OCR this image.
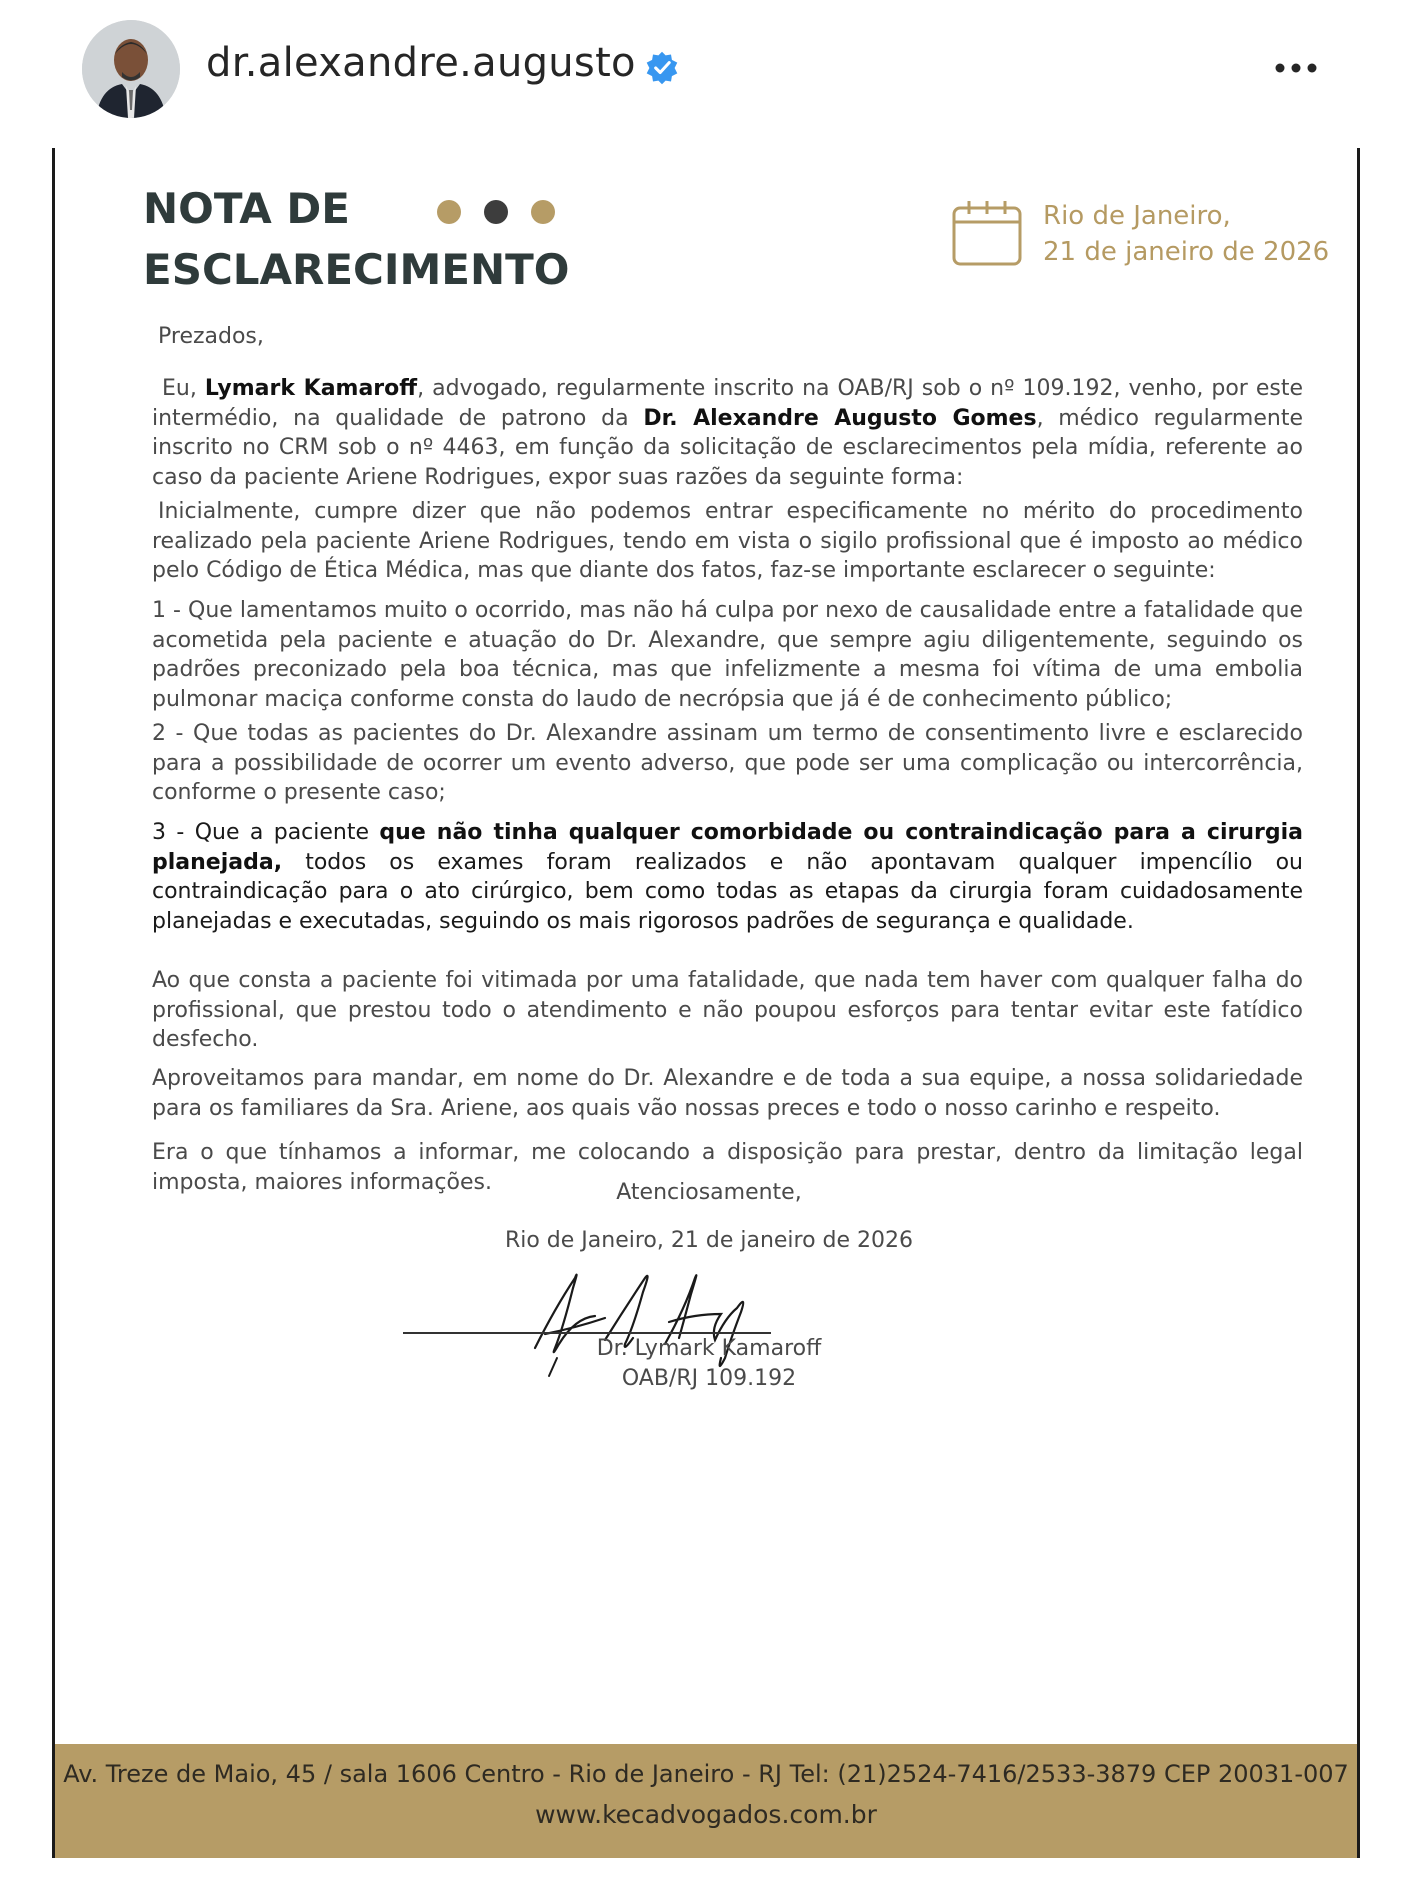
dr.alexandre.augusto
NOTA DE
ESCLARECIMENTO
Rio de Janeiro,
21 de janeiro de 2026

Prezados,

Eu, Lymark Kamaroff, advogado, regularmente inscrito na OAB/RJ sob o nº 109.192, venho, por este intermédio, na qualidade de patrono da Dr. Alexandre Augusto Gomes, médico regularmente inscrito no CRM sob o nº 4463, em função da solicitação de esclarecimentos pela mídia, referente ao caso da paciente Ariene Rodrigues, expor suas razões da seguinte forma:

Inicialmente, cumpre dizer que não podemos entrar especificamente no mérito do procedimento realizado pela paciente Ariene Rodrigues, tendo em vista o sigilo profissional que é imposto ao médico pelo Código de Ética Médica, mas que diante dos fatos, faz-se importante esclarecer o seguinte:

1 - Que lamentamos muito o ocorrido, mas não há culpa por nexo de causalidade entre a fatalidade que acometida pela paciente e atuação do Dr. Alexandre, que sempre agiu diligentemente, seguindo os padrões preconizado pela boa técnica, mas que infelizmente a mesma foi vítima de uma embolia pulmonar maciça conforme consta do laudo de necrópsia que já é de conhecimento público;

2 - Que todas as pacientes do Dr. Alexandre assinam um termo de consentimento livre e esclarecido para a possibilidade de ocorrer um evento adverso, que pode ser uma complicação ou intercorrência, conforme o presente caso;

3 - Que a paciente que não tinha qualquer comorbidade ou contraindicação para a cirurgia planejada, todos os exames foram realizados e não apontavam qualquer impencílio ou contraindicação para o ato cirúrgico, bem como todas as etapas da cirurgia foram cuidadosamente planejadas e executadas, seguindo os mais rigorosos padrões de segurança e qualidade.

Ao que consta a paciente foi vitimada por uma fatalidade, que nada tem haver com qualquer falha do profissional, que prestou todo o atendimento e não poupou esforços para tentar evitar este fatídico desfecho.

Aproveitamos para mandar, em nome do Dr. Alexandre e de toda a sua equipe, a nossa solidariedade para os familiares da Sra. Ariene, aos quais vão nossas preces e todo o nosso carinho e respeito.

Era o que tínhamos a informar, me colocando a disposição para prestar, dentro da limitação legal imposta, maiores informações.	Atenciosamente,
Rio de Janeiro, 21 de janeiro de 2026
Dr. Lymark Kamaroff
OAB/RJ 109.192
Av. Treze de Maio, 45 / sala 1606 Centro - Rio de Janeiro - RJ Tel: (21)2524-7416/2533-3879 CEP 20031-007
www.kecadvogados.com.br
